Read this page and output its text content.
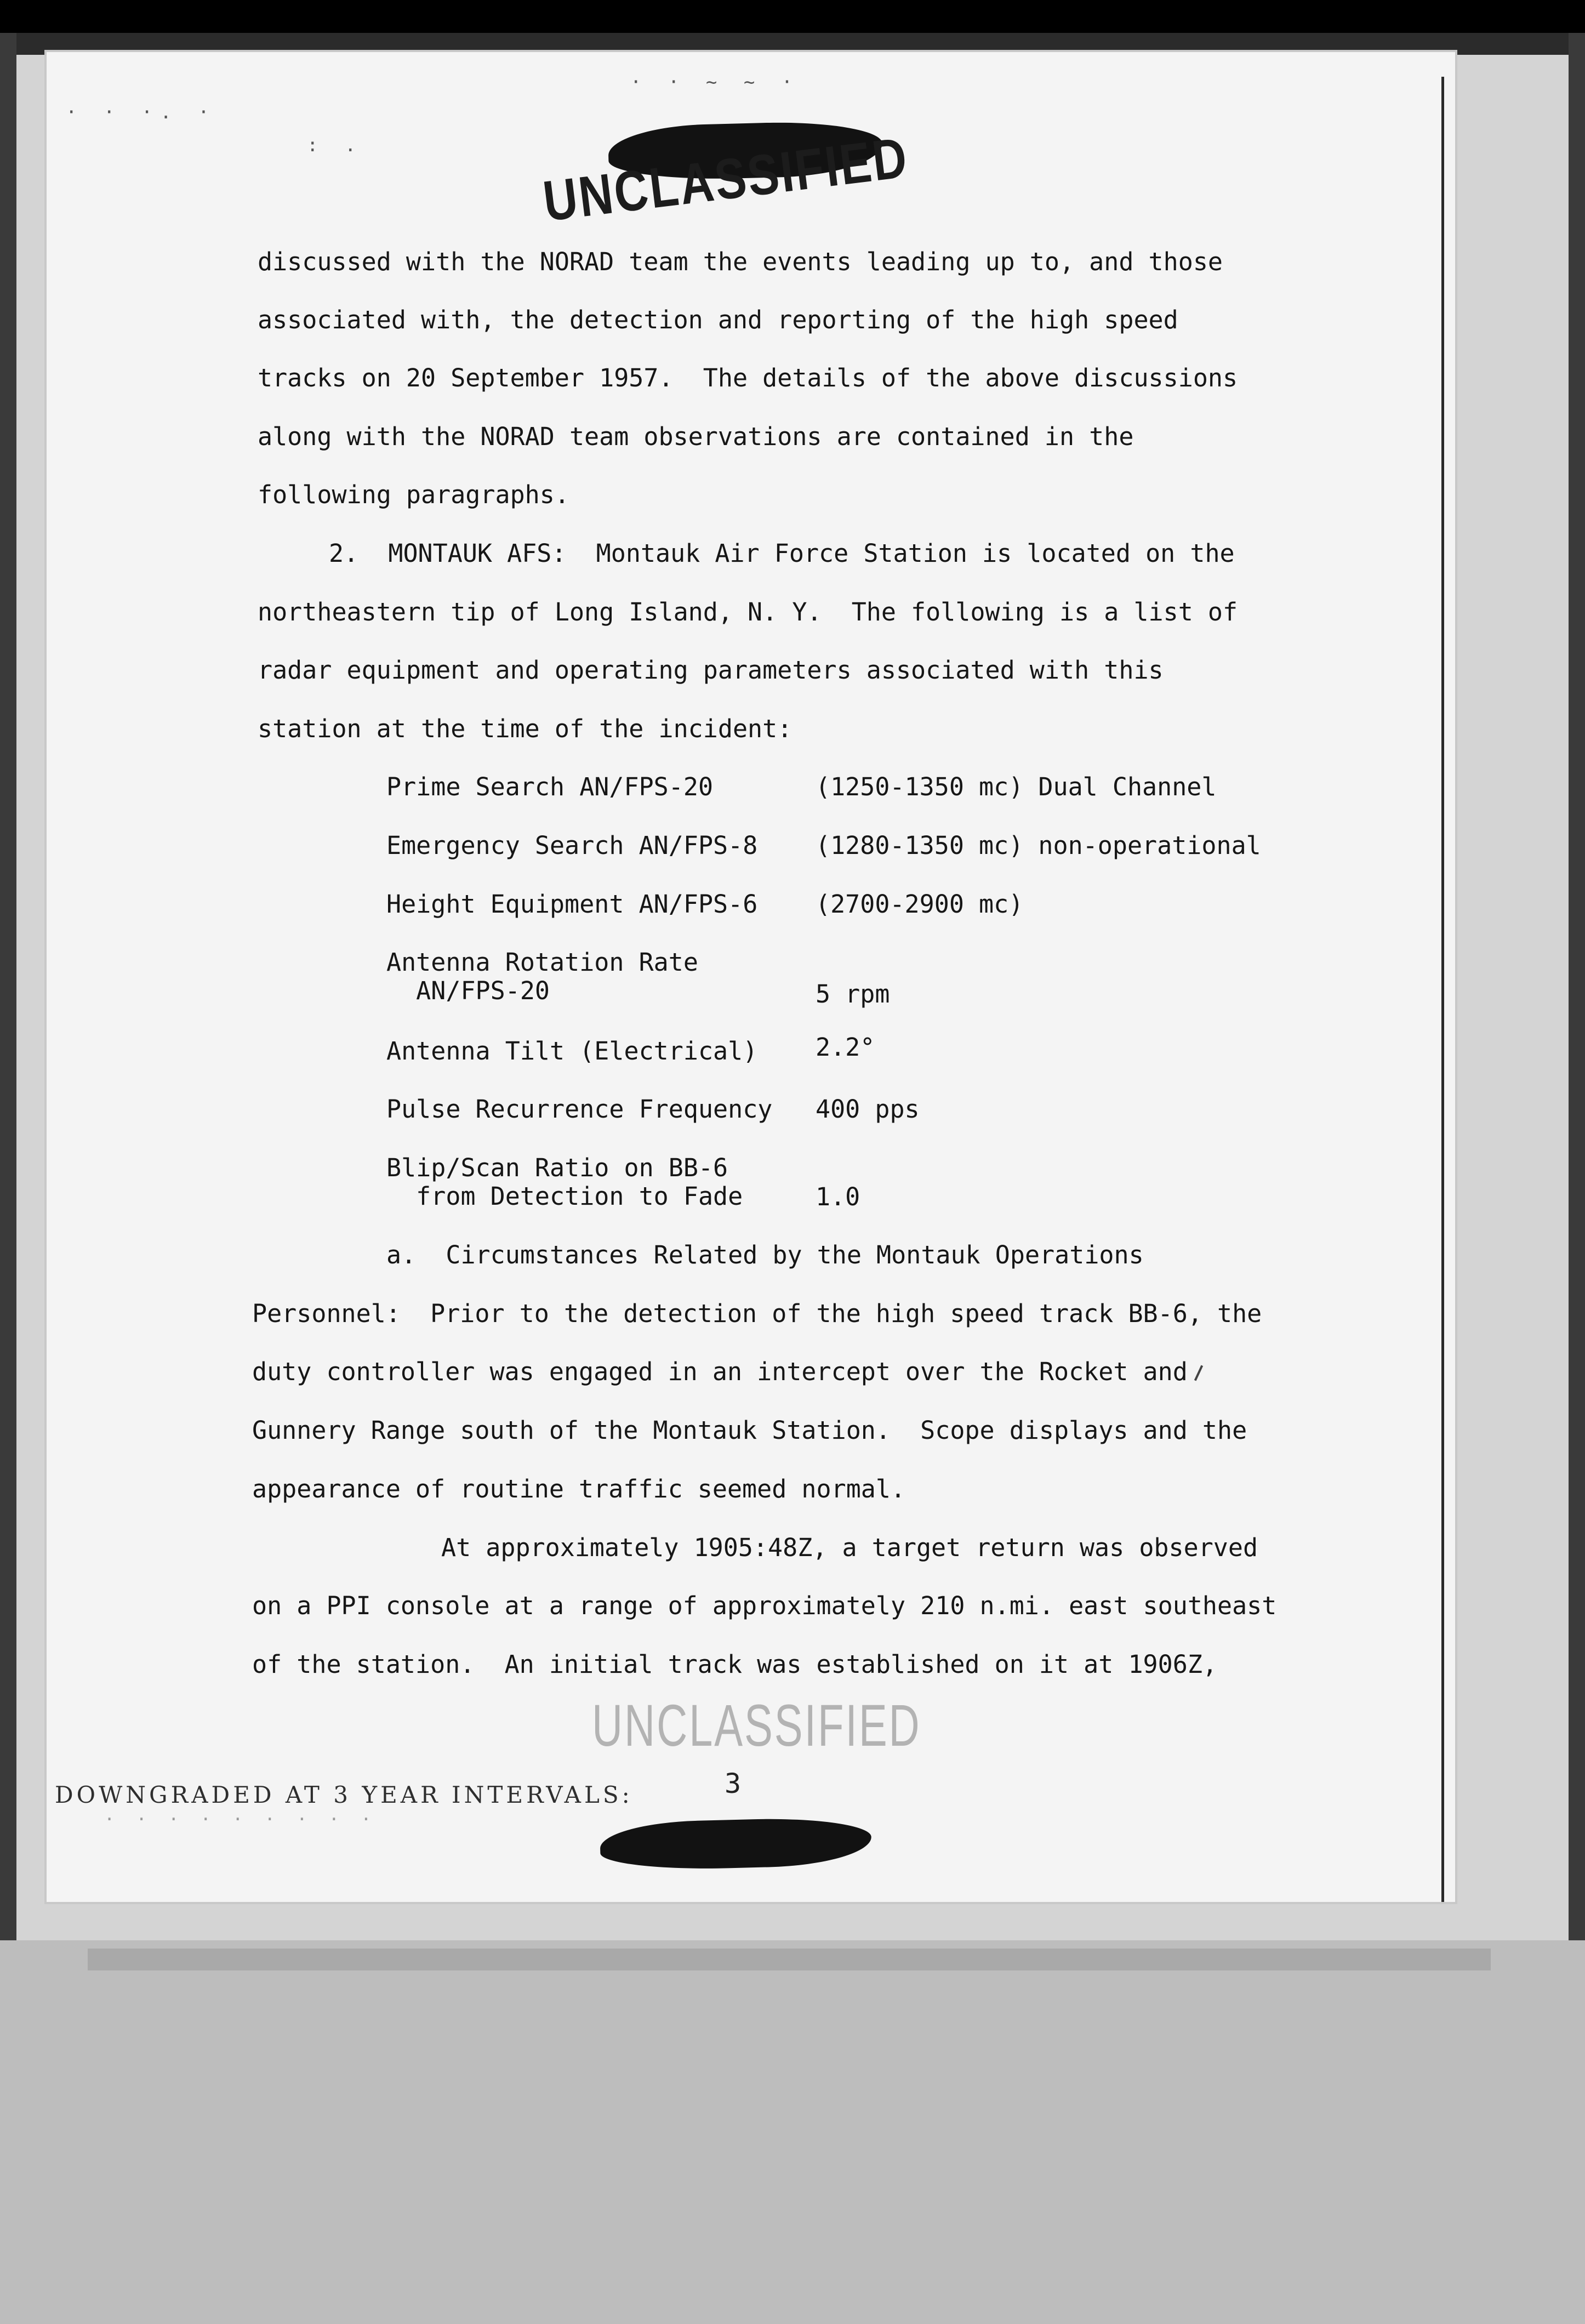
· · ·. ·
: .
· · ~ ~ ·
UNCLASSIFIED
discussed with the NORAD team the events leading up to, and those
associated with, the detection and reporting of the high speed
tracks on 20 September 1957.  The details of the above discussions
along with the NORAD team observations are contained in the
following paragraphs.
2.  MONTAUK AFS:  Montauk Air Force Station is located on the
northeastern tip of Long Island, N. Y.  The following is a list of
radar equipment and operating parameters associated with this
station at the time of the incident:
Prime Search AN/FPS-20	(1250-1350 mc) Dual Channel
Emergency Search AN/FPS-8 (1280-1350 mc) non-operational
Height Equipment AN/FPS-6 (2700-2900 mc)
Antenna Rotation Rate
AN/FPS-20	5 rpm
Antenna Tilt (Electrical) 2.2°
Pulse Recurrence Frequency 400 pps
Blip/Scan Ratio on BB-6
from Detection to Fade	1.0
a.  Circumstances Related by the Montauk Operations
Personnel:  Prior to the detection of the high speed track BB-6, the
duty controller was engaged in an intercept over the Rocket and
Gunnery Range south of the Montauk Station.  Scope displays and the
appearance of routine traffic seemed normal.
At approximately 1905:48Z, a target return was observed
on a PPI console at a range of approximately 210 n.mi. east southeast
of the station.  An initial track was established on it at 1906Z,
UNCLASSIFIED
DOWNGRADED AT 3 YEAR INTERVALS:
· · · · · · · · ·
3
